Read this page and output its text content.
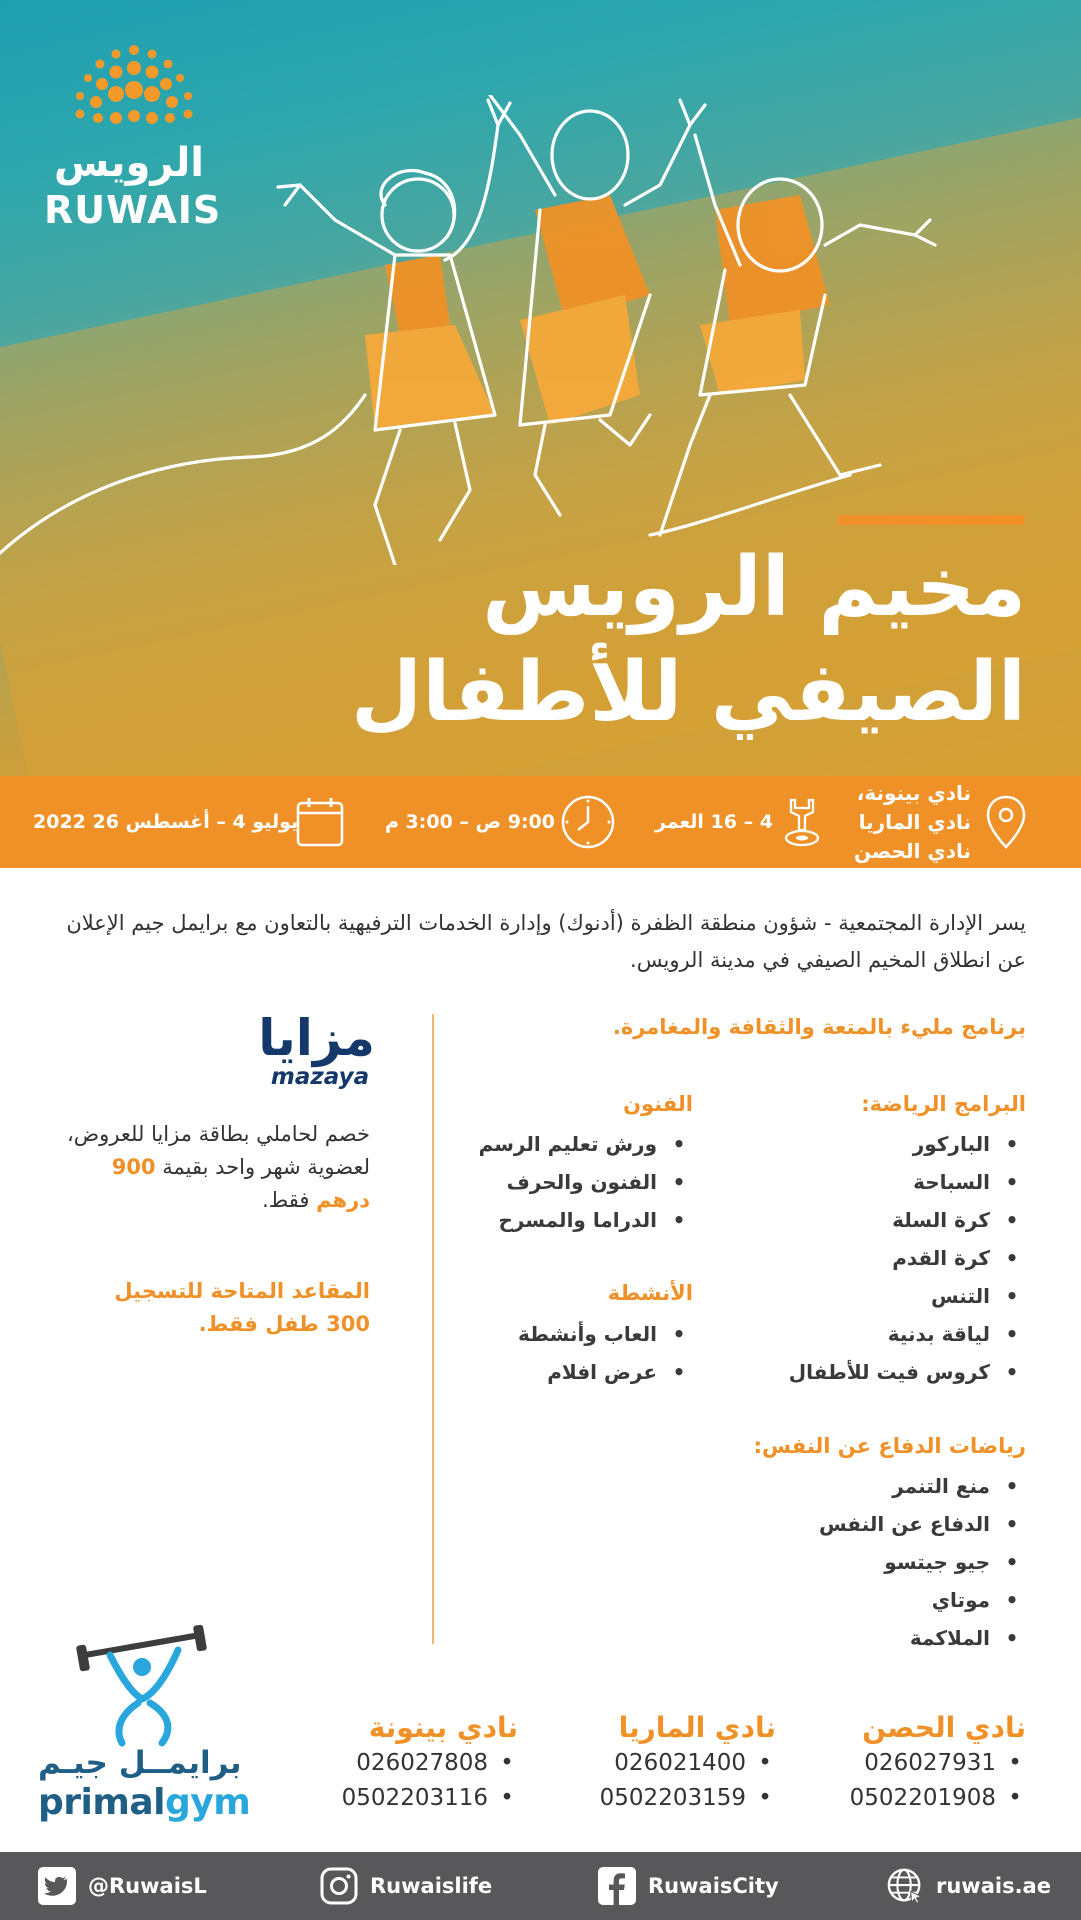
الرويس
RUWAIS
مخيم الرويس
الصيفي للأطفال
نادي بينونة،
نادي الماريا
نادي الحصن
4 – 16 العمر
9:00 ص – 3:00 م
يوليو 4 – أغسطس 26 2022
يسر الإدارة المجتمعية - شؤون منطقة الظفرة (أدنوك) وإدارة الخدمات الترفيهية بالتعاون مع برايمل جيم الإعلان عن انطلاق المخيم الصيفي في مدينة الرويس.
برنامج مليء بالمتعة والثقافة والمغامرة.
البرامج الرياضة:
• الباركور
• السباحة
• كرة السلة
• كرة القدم
• التنس
• لياقة بدنية
• كروس فيت للأطفال
الفنون
• ورش تعليم الرسم
• الفنون والحرف
• الدراما والمسرح
الأنشطة
• العاب وأنشطة
• عرض افلام
رياضات الدفاع عن النفس:
• منع التنمر
• الدفاع عن النفس
• جيو جيتسو
• موتاي
• الملاكمة
مزايا
mazaya
خصم لحاملي بطاقة مزايا للعروض، لعضوية شهر واحد بقيمة 900 درهم فقط.
المقاعد المتاحة للتسجيل
300 طفل فقط.
برايمــل جيـم
primalgym
نادي الحصن
•026027931
•0502201908
نادي الماريا
•026021400
•0502203159
نادي بينونة
•026027808
•0502203116
@RuwaisL	Ruwaislife	RuwaisCity	ruwais.ae
